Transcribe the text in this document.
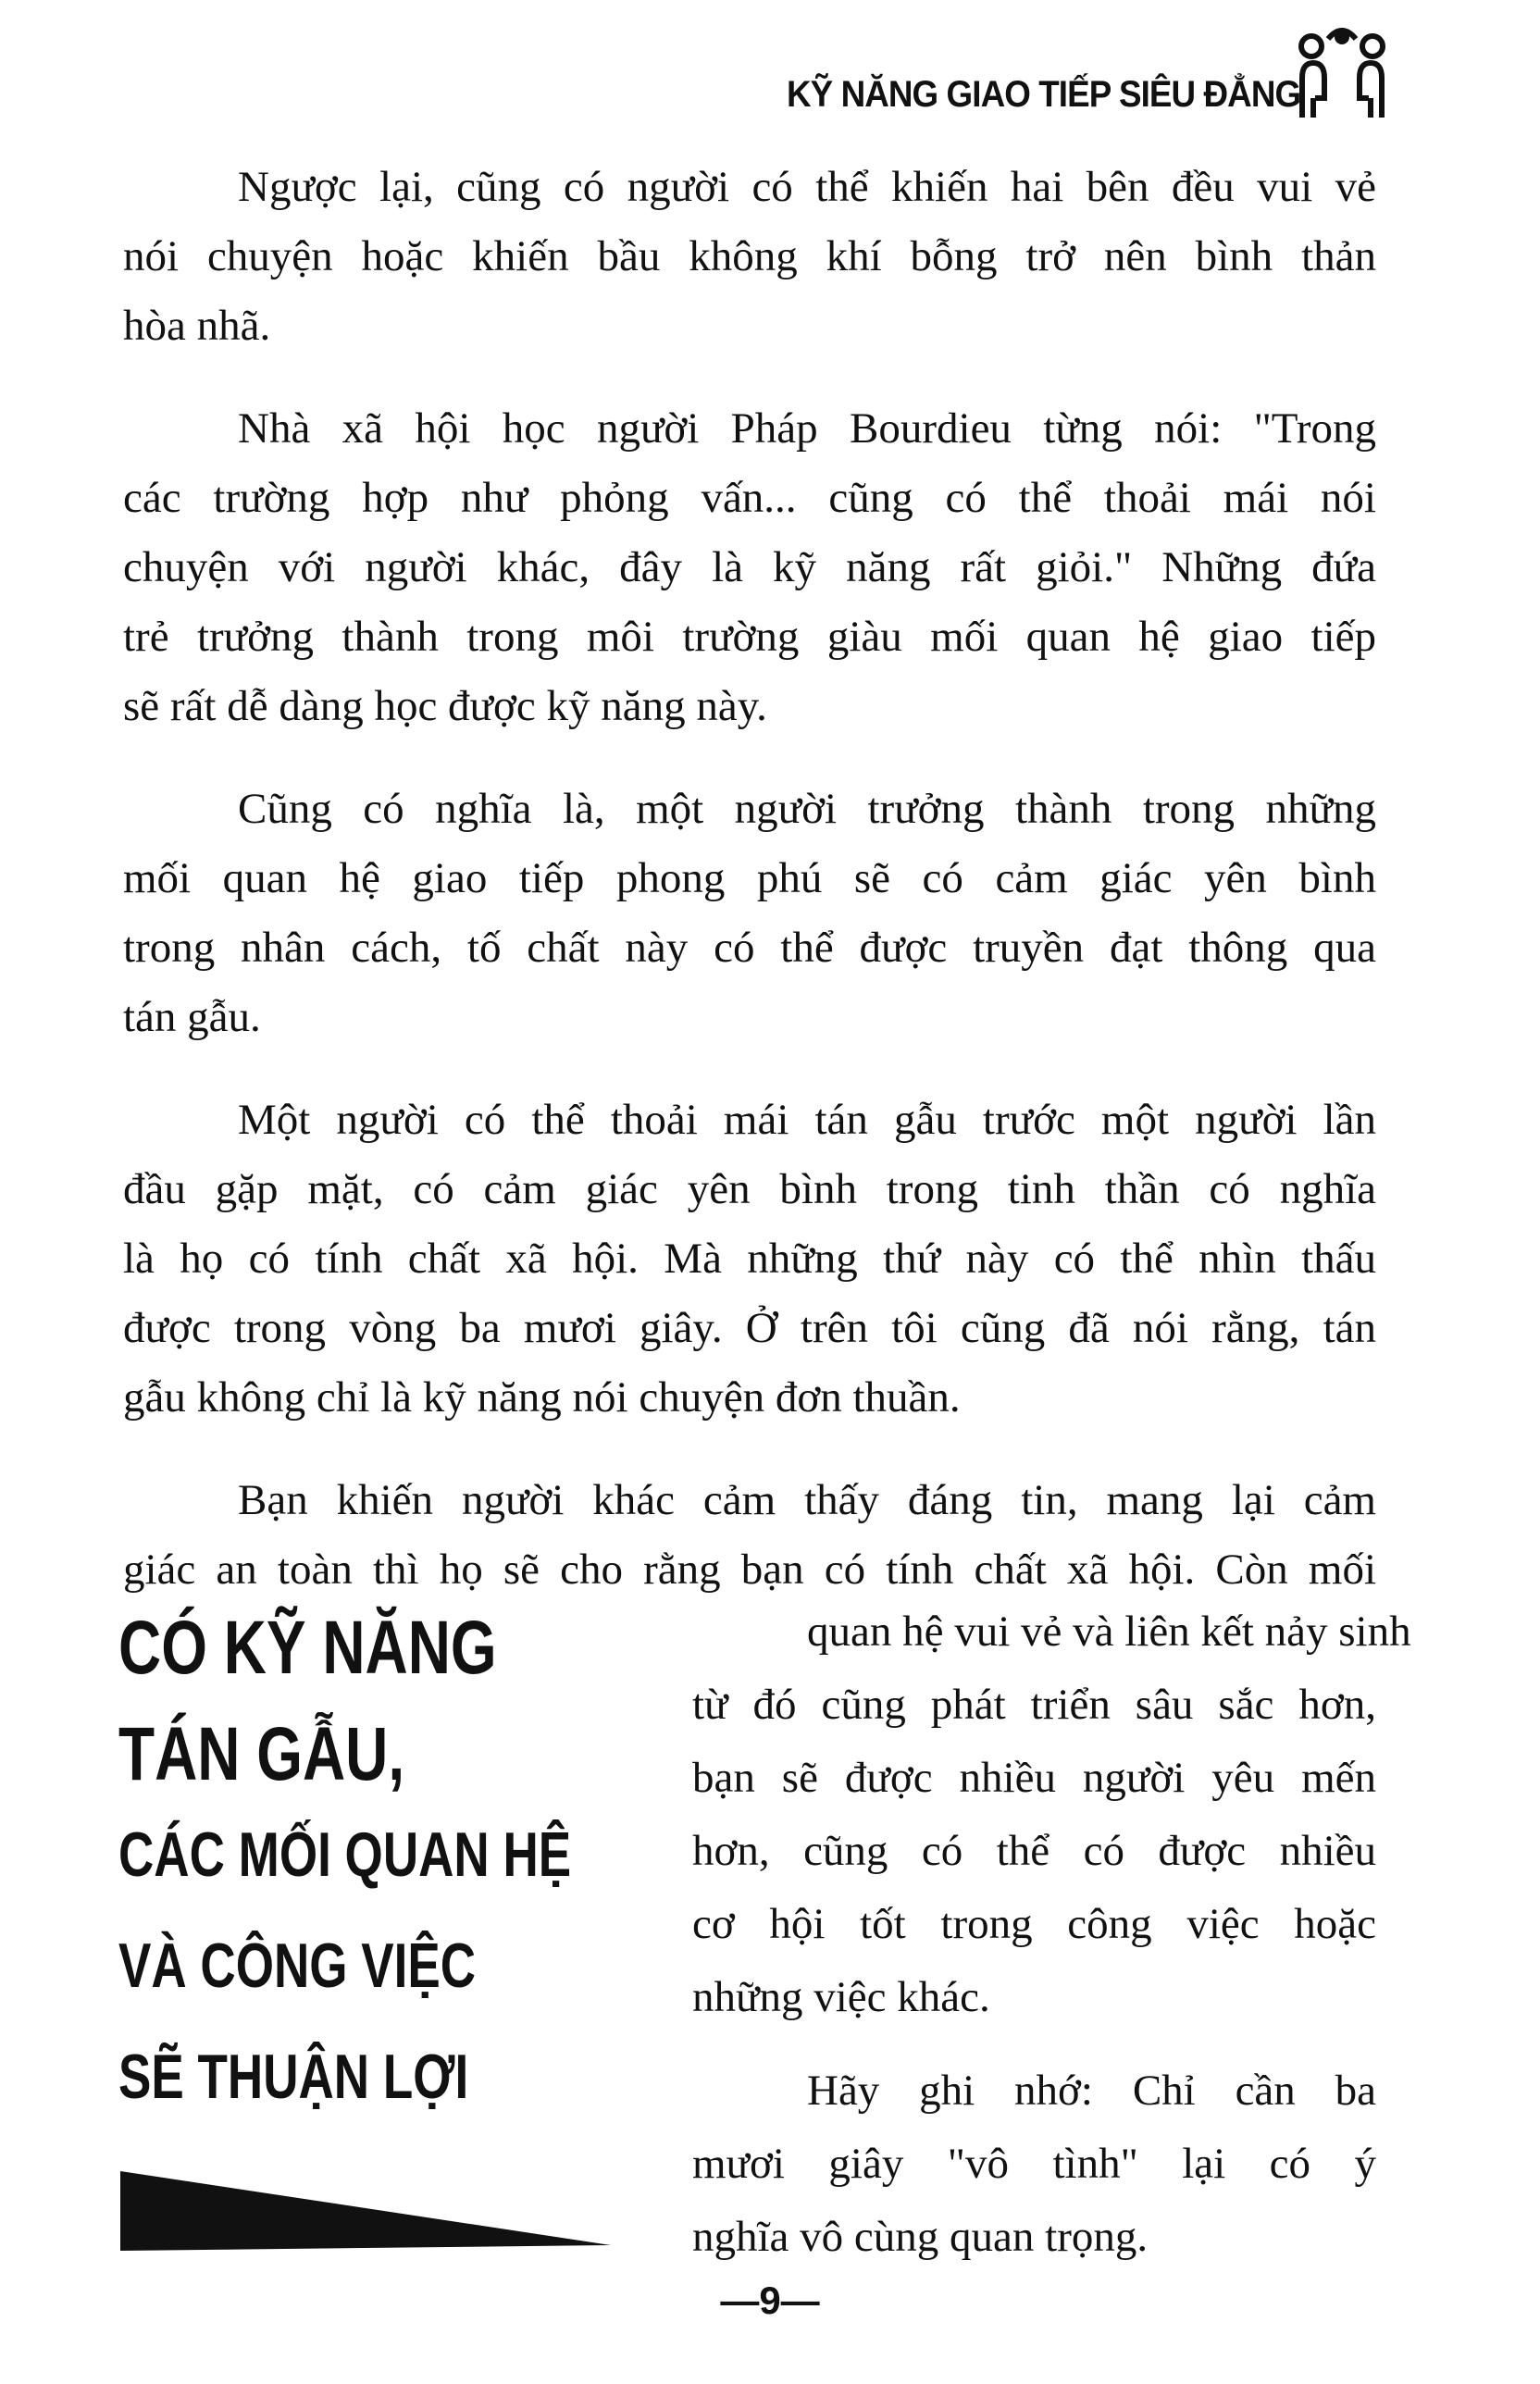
KỸ NĂNG GIAO TIẾP SIÊU ĐẲNG
Ngược lại, cũng có người có thể khiến hai bên đều vui vẻ
nói chuyện hoặc khiến bầu không khí bỗng trở nên bình thản
hòa nhã.
Nhà xã hội học người Pháp Bourdieu từng nói: "Trong
các trường hợp như phỏng vấn... cũng có thể thoải mái nói
chuyện với người khác, đây là kỹ năng rất giỏi." Những đứa
trẻ trưởng thành trong môi trường giàu mối quan hệ giao tiếp
sẽ rất dễ dàng học được kỹ năng này.
Cũng có nghĩa là, một người trưởng thành trong những
mối quan hệ giao tiếp phong phú sẽ có cảm giác yên bình
trong nhân cách, tố chất này có thể được truyền đạt thông qua
tán gẫu.
Một người có thể thoải mái tán gẫu trước một người lần
đầu gặp mặt, có cảm giác yên bình trong tinh thần có nghĩa
là họ có tính chất xã hội. Mà những thứ này có thể nhìn thấu
được trong vòng ba mươi giây. Ở trên tôi cũng đã nói rằng, tán
gẫu không chỉ là kỹ năng nói chuyện đơn thuần.
Bạn khiến người khác cảm thấy đáng tin, mang lại cảm
giác an toàn thì họ sẽ cho rằng bạn có tính chất xã hội. Còn mối
quan hệ vui vẻ và liên kết nảy sinh
từ đó cũng phát triển sâu sắc hơn,
bạn sẽ được nhiều người yêu mến
hơn, cũng có thể có được nhiều
cơ hội tốt trong công việc hoặc
những việc khác.
Hãy ghi nhớ: Chỉ cần ba
mươi giây "vô tình" lại có ý
nghĩa vô cùng quan trọng.
CÓ KỸ NĂNG
TÁN GẪU,
CÁC MỐI QUAN HỆ
VÀ CÔNG VIỆC
SẼ THUẬN LỢI
—9—
